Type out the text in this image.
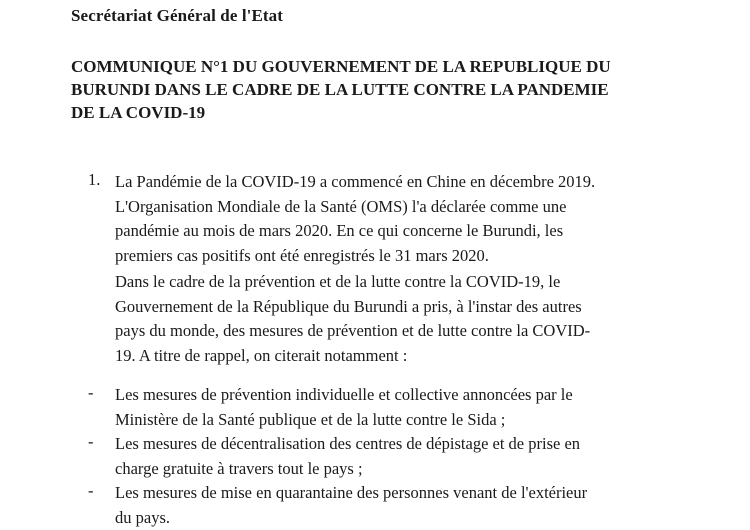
Secrétariat Général de l'Etat
COMMUNIQUE N°1 DU GOUVERNEMENT DE LA REPUBLIQUE DU
BURUNDI DANS LE CADRE DE LA LUTTE CONTRE LA PANDEMIE
DE LA COVID-19
1. La Pandémie de la COVID-19 a commencé en Chine en décembre 2019.
L'Organisation Mondiale de la Santé (OMS) l'a déclarée comme une
pandémie au mois de mars 2020. En ce qui concerne le Burundi, les
premiers cas positifs ont été enregistrés le 31 mars 2020.
Dans le cadre de la prévention et de la lutte contre la COVID-19, le
Gouvernement de la République du Burundi a pris, à l'instar des autres
pays du monde, des mesures de prévention et de lutte contre la COVID-
19. A titre de rappel, on citerait notamment :
- Les mesures de prévention individuelle et collective annoncées par le
Ministère de la Santé publique et de la lutte contre le Sida ;
- Les mesures de décentralisation des centres de dépistage et de prise en
charge gratuite à travers tout le pays ;
- Les mesures de mise en quarantaine des personnes venant de l'extérieur
du pays.
